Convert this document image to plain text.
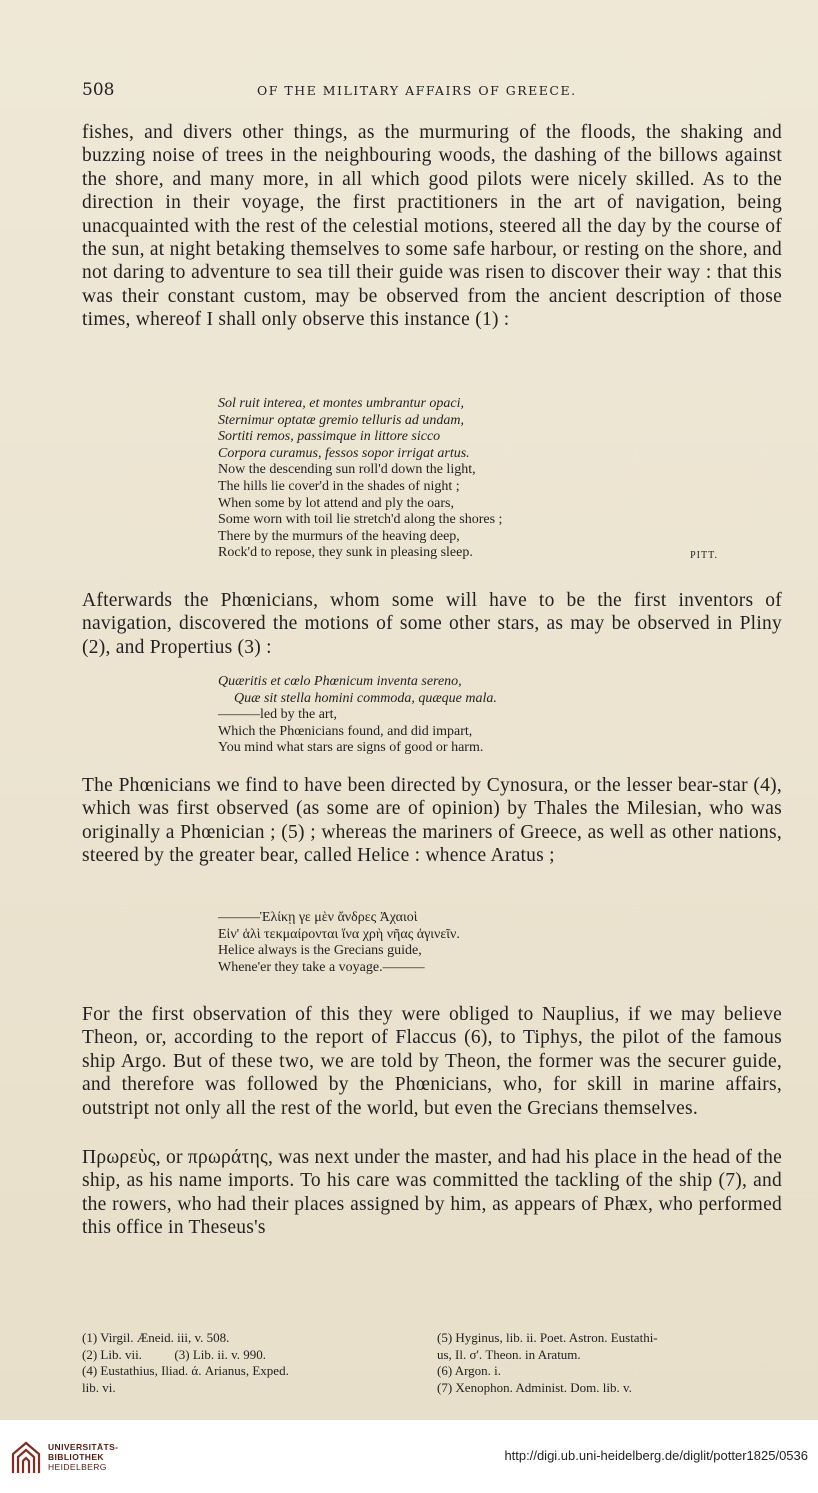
508	OF THE MILITARY AFFAIRS OF GREECE.

fishes, and divers other things, as the murmuring of the floods, the shaking and buzzing noise of trees in the neighbouring woods, the dashing of the billows against the shore, and many more, in all which good pilots were nicely skilled. As to the direction in their voyage, the first practitioners in the art of navigation, being unacquainted with the rest of the celestial motions, steered all the day by the course of the sun, at night betaking themselves to some safe harbour, or resting on the shore, and not daring to adventure to sea till their guide was risen to discover their way : that this was their constant custom, may be observed from the ancient description of those times, whereof I shall only observe this instance (1) :

Sol ruit interea, et montes umbrantur opaci,
Sternimur optatæ gremio telluris ad undam,
Sortiti remos, passimque in littore sicco
Corpora curamus, fessos sopor irrigat artus.
Now the descending sun roll'd down the light,
The hills lie cover'd in the shades of night ;
When some by lot attend and ply the oars,
Some worn with toil lie stretch'd along the shores ;
There by the murmurs of the heaving deep,
Rock'd to repose, they sunk in pleasing sleep.	PITT.

Afterwards the Phœnicians, whom some will have to be the first inventors of navigation, discovered the motions of some other stars, as may be observed in Pliny (2), and Propertius (3) :

Quæritis et cœlo Phœnicum inventa sereno,
Quæ sit stella homini commoda, quæque mala.
———led by the art,
Which the Phœnicians found, and did impart,
You mind what stars are signs of good or harm.

The Phœnicians we find to have been directed by Cynosura, or the lesser bear-star (4), which was first observed (as some are of opinion) by Thales the Milesian, who was originally a Phœnician ; (5) ; whereas the mariners of Greece, as well as other nations, steered by the greater bear, called Helice : whence Aratus ;

———Ἑλίκῃ γε μὲν ἄνδρες Ἀχαιοὶ
Εἰν' ἁλὶ τεκμαίρονται ἵνα χρὴ νῆας ἀγινεῖν.
Helice always is the Grecians guide,
Whene'er they take a voyage.———

For the first observation of this they were obliged to Nauplius, if we may believe Theon, or, according to the report of Flaccus (6), to Tiphys, the pilot of the famous ship Argo. But of these two, we are told by Theon, the former was the securer guide, and therefore was followed by the Phœnicians, who, for skill in marine affairs, outstript not only all the rest of the world, but even the Grecians themselves.

Πρωρεὺς, or πρωράτης, was next under the master, and had his place in the head of the ship, as his name imports. To his care was committed the tackling of the ship (7), and the rowers, who had their places assigned by him, as appears of Phæx, who performed this office in Theseus's

(1) Virgil. Æneid. iii, v. 508.
(2) Lib. vii.          (3) Lib. ii. v. 990.
(4) Eustathius, Iliad. ά. Arianus, Exped.
lib. vi.
(5) Hyginus, lib. ii. Poet. Astron. Eustathi-
us, Il. σ'. Theon. in Aratum.
(6) Argon. i.
(7) Xenophon. Administ. Dom. lib. v.
UNIVERSITÄTS-
BIBLIOTHEK
HEIDELBERG
http://digi.ub.uni-heidelberg.de/diglit/potter1825/0536
